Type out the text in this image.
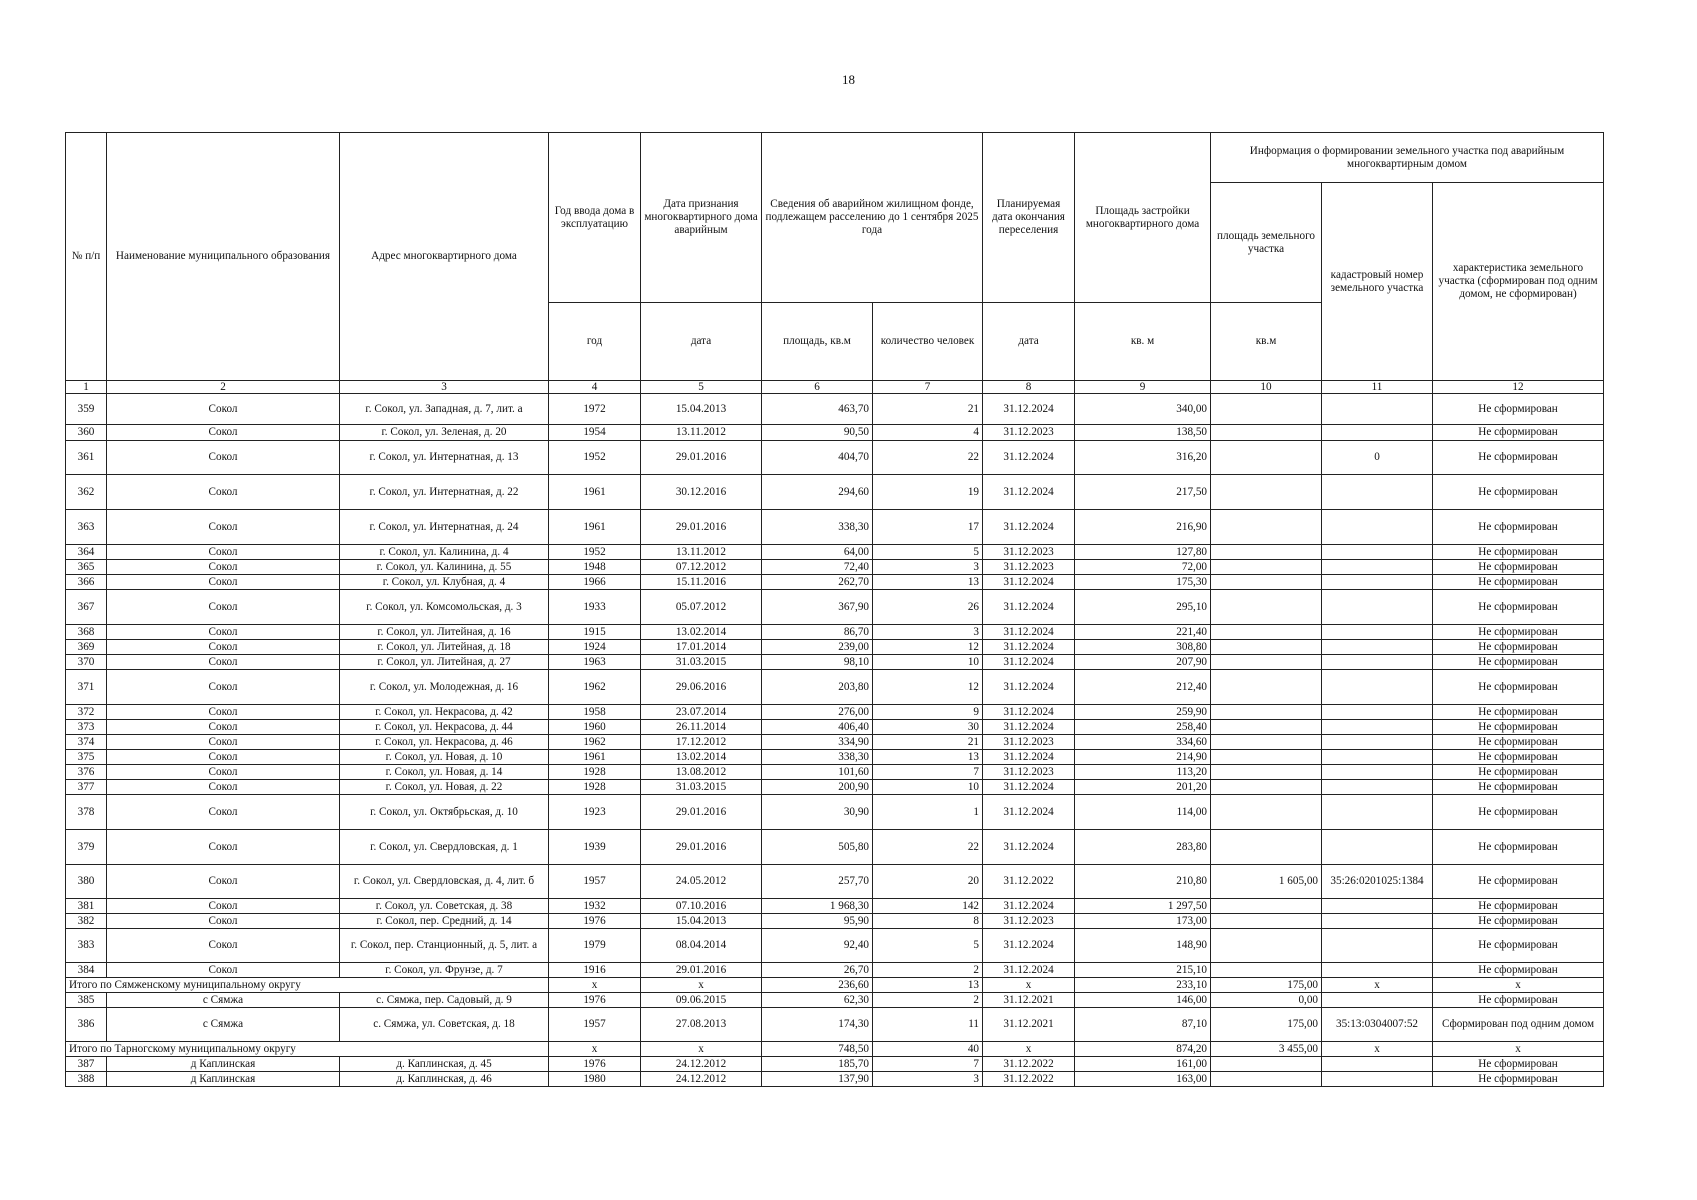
18
№ п/п	Наименование муниципального образования	Адрес многоквартирного дома	Год ввода дома в эксплуатацию	Дата признания многоквартирного дома аварийным	Сведения об аварийном жилищном фонде, подлежащем расселению до 1 сентября 2025 года		Планируемая дата окончания переселения	Площадь застройки многоквартирного дома	Информация о формировании земельного участка под аварийным многоквартирным домом		
									площадь земельного участка	кадастровый номер земельного участка	характеристика земельного участка (сформирован под одним домом, не сформирован)
			год	дата	площадь, кв.м	количество человек	дата	кв. м	кв.м		
1	2	3	4	5	6	7	8	9	10	11	12
359	Сокол	г. Сокол, ул. Западная, д. 7, лит. а	1972	15.04.2013	463,70	21	31.12.2024	340,00			Не сформирован
360	Сокол	г. Сокол, ул. Зеленая, д. 20	1954	13.11.2012	90,50	4	31.12.2023	138,50			Не сформирован
361	Сокол	г. Сокол, ул. Интернатная, д. 13	1952	29.01.2016	404,70	22	31.12.2024	316,20		0	Не сформирован
362	Сокол	г. Сокол, ул. Интернатная, д. 22	1961	30.12.2016	294,60	19	31.12.2024	217,50			Не сформирован
363	Сокол	г. Сокол, ул. Интернатная, д. 24	1961	29.01.2016	338,30	17	31.12.2024	216,90			Не сформирован
364	Сокол	г. Сокол, ул. Калинина, д. 4	1952	13.11.2012	64,00	5	31.12.2023	127,80			Не сформирован
365	Сокол	г. Сокол, ул. Калинина, д. 55	1948	07.12.2012	72,40	3	31.12.2023	72,00			Не сформирован
366	Сокол	г. Сокол, ул. Клубная, д. 4	1966	15.11.2016	262,70	13	31.12.2024	175,30			Не сформирован
367	Сокол	г. Сокол, ул. Комсомольская, д. 3	1933	05.07.2012	367,90	26	31.12.2024	295,10			Не сформирован
368	Сокол	г. Сокол, ул. Литейная, д. 16	1915	13.02.2014	86,70	3	31.12.2024	221,40			Не сформирован
369	Сокол	г. Сокол, ул. Литейная, д. 18	1924	17.01.2014	239,00	12	31.12.2024	308,80			Не сформирован
370	Сокол	г. Сокол, ул. Литейная, д. 27	1963	31.03.2015	98,10	10	31.12.2024	207,90			Не сформирован
371	Сокол	г. Сокол, ул. Молодежная, д. 16	1962	29.06.2016	203,80	12	31.12.2024	212,40			Не сформирован
372	Сокол	г. Сокол, ул. Некрасова, д. 42	1958	23.07.2014	276,00	9	31.12.2024	259,90			Не сформирован
373	Сокол	г. Сокол, ул. Некрасова, д. 44	1960	26.11.2014	406,40	30	31.12.2024	258,40			Не сформирован
374	Сокол	г. Сокол, ул. Некрасова, д. 46	1962	17.12.2012	334,90	21	31.12.2023	334,60			Не сформирован
375	Сокол	г. Сокол, ул. Новая, д. 10	1961	13.02.2014	338,30	13	31.12.2024	214,90			Не сформирован
376	Сокол	г. Сокол, ул. Новая, д. 14	1928	13.08.2012	101,60	7	31.12.2023	113,20			Не сформирован
377	Сокол	г. Сокол, ул. Новая, д. 22	1928	31.03.2015	200,90	10	31.12.2024	201,20			Не сформирован
378	Сокол	г. Сокол, ул. Октябрьская, д. 10	1923	29.01.2016	30,90	1	31.12.2024	114,00			Не сформирован
379	Сокол	г. Сокол, ул. Свердловская, д. 1	1939	29.01.2016	505,80	22	31.12.2024	283,80			Не сформирован
380	Сокол	г. Сокол, ул. Свердловская, д. 4, лит. б	1957	24.05.2012	257,70	20	31.12.2022	210,80	1 605,00	35:26:0201025:1384	Не сформирован
381	Сокол	г. Сокол, ул. Советская, д. 38	1932	07.10.2016	1 968,30	142	31.12.2024	1 297,50			Не сформирован
382	Сокол	г. Сокол, пер. Средний, д. 14	1976	15.04.2013	95,90	8	31.12.2023	173,00			Не сформирован
383	Сокол	г. Сокол, пер. Станционный, д. 5, лит. а	1979	08.04.2014	92,40	5	31.12.2024	148,90			Не сформирован
384	Сокол	г. Сокол, ул. Фрунзе, д. 7	1916	29.01.2016	26,70	2	31.12.2024	215,10			Не сформирован
Итого по Сямженскому муниципальному округу			х	х	236,60	13	х	233,10	175,00	х	х
385	с Сямжа	с. Сямжа, пер. Садовый, д. 9	1976	09.06.2015	62,30	2	31.12.2021	146,00	0,00		Не сформирован
386	с Сямжа	с. Сямжа, ул. Советская, д. 18	1957	27.08.2013	174,30	11	31.12.2021	87,10	175,00	35:13:0304007:52	Сформирован под одним домом
Итого по Тарногскому муниципальному округу			х	х	748,50	40	х	874,20	3 455,00	х	х
387	д Каплинская	д. Каплинская, д. 45	1976	24.12.2012	185,70	7	31.12.2022	161,00			Не сформирован
388	д Каплинская	д. Каплинская, д. 46	1980	24.12.2012	137,90	3	31.12.2022	163,00			Не сформирован
